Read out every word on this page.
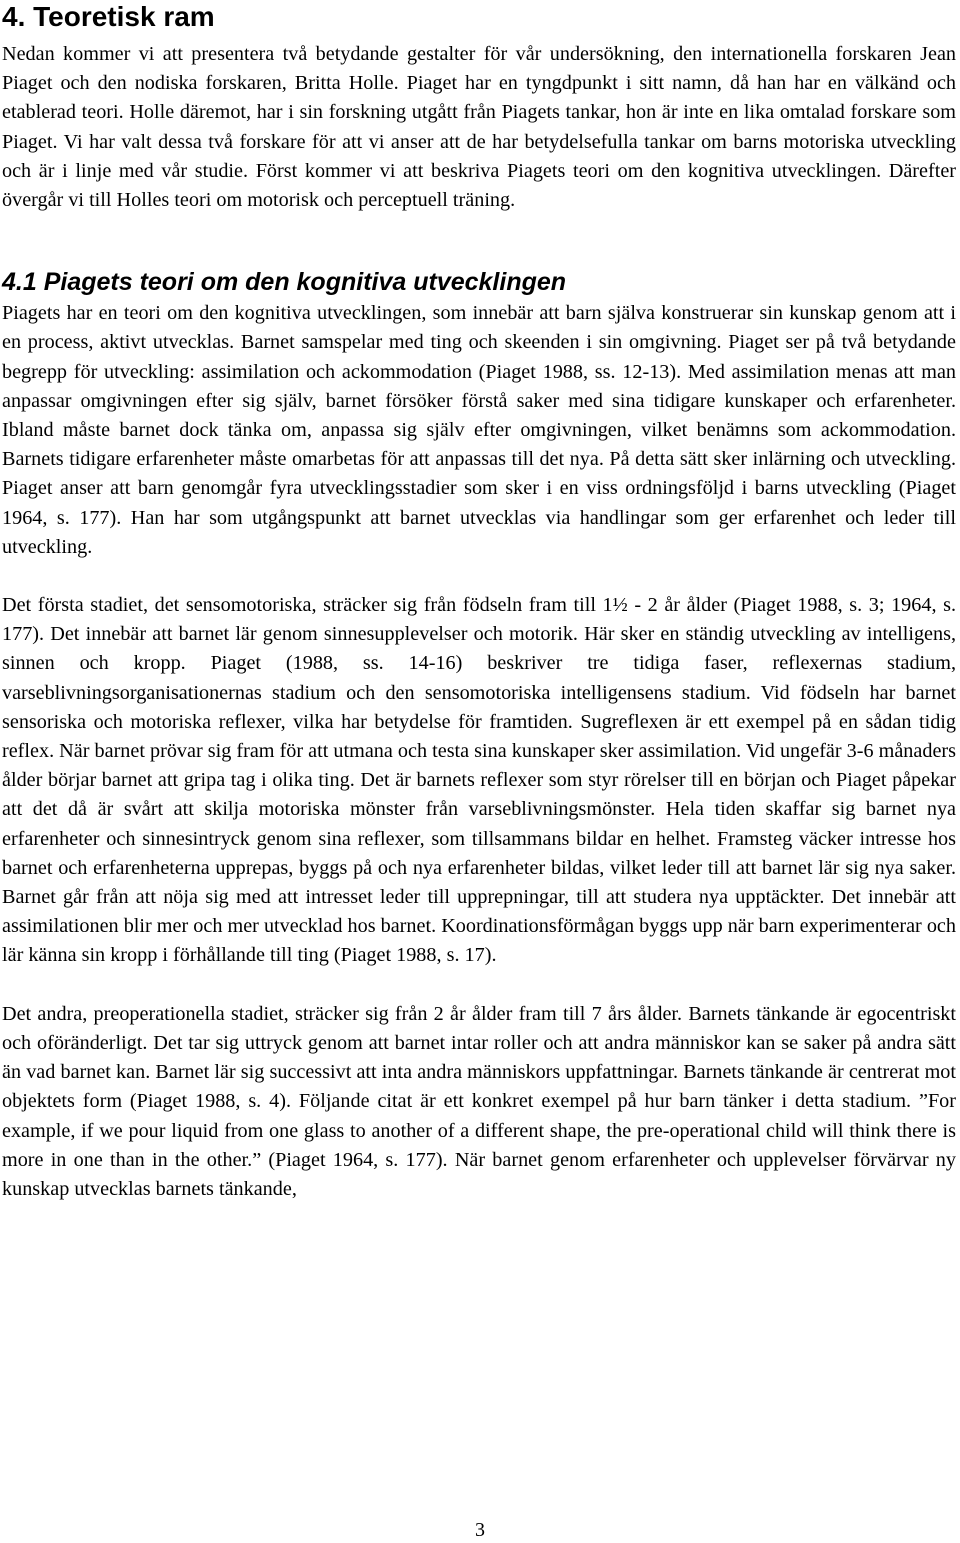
4. Teoretisk ram

Nedan kommer vi att presentera två betydande gestalter för vår undersökning, den internationella forskaren Jean Piaget och den nodiska forskaren, Britta Holle. Piaget har en tyngdpunkt i sitt namn, då han har en välkänd och etablerad teori. Holle däremot, har i sin forskning utgått från Piagets tankar, hon är inte en lika omtalad forskare som Piaget. Vi har valt dessa två forskare för att vi anser att de har betydelsefulla tankar om barns motoriska utveckling och är i linje med vår studie. Först kommer vi att beskriva Piagets teori om den kognitiva utvecklingen. Därefter övergår vi till Holles teori om motorisk och perceptuell träning.

4.1 Piagets teori om den kognitiva utvecklingen

Piagets har en teori om den kognitiva utvecklingen, som innebär att barn själva konstruerar sin kunskap genom att i en process, aktivt utvecklas. Barnet samspelar med ting och skeenden i sin omgivning. Piaget ser på två betydande begrepp för utveckling: assimilation och ackommodation (Piaget 1988, ss. 12-13). Med assimilation menas att man anpassar omgivningen efter sig själv, barnet försöker förstå saker med sina tidigare kunskaper och erfarenheter. Ibland måste barnet dock tänka om, anpassa sig själv efter omgivningen, vilket benämns som ackommodation. Barnets tidigare erfarenheter måste omarbetas för att anpassas till det nya. På detta sätt sker inlärning och utveckling. Piaget anser att barn genomgår fyra utvecklingsstadier som sker i en viss ordningsföljd i barns utveckling (Piaget 1964, s. 177). Han har som utgångspunkt att barnet utvecklas via handlingar som ger erfarenhet och leder till utveckling.

Det första stadiet, det sensomotoriska, sträcker sig från födseln fram till 1½ - 2 år ålder (Piaget 1988, s. 3; 1964, s. 177). Det innebär att barnet lär genom sinnesupplevelser och motorik. Här sker en ständig utveckling av intelligens, sinnen och kropp. Piaget (1988, ss. 14-16) beskriver tre tidiga faser, reflexernas stadium, varseblivningsorganisationernas stadium och den sensomotoriska intelligensens stadium. Vid födseln har barnet sensoriska och motoriska reflexer, vilka har betydelse för framtiden. Sugreflexen är ett exempel på en sådan tidig reflex. När barnet prövar sig fram för att utmana och testa sina kunskaper sker assimilation. Vid ungefär 3-6 månaders ålder börjar barnet att gripa tag i olika ting. Det är barnets reflexer som styr rörelser till en början och Piaget påpekar att det då är svårt att skilja motoriska mönster från varseblivningsmönster. Hela tiden skaffar sig barnet nya erfarenheter och sinnesintryck genom sina reflexer, som tillsammans bildar en helhet. Framsteg väcker intresse hos barnet och erfarenheterna upprepas, byggs på och nya erfarenheter bildas, vilket leder till att barnet lär sig nya saker. Barnet går från att nöja sig med att intresset leder till upprepningar, till att studera nya upptäckter. Det innebär att assimilationen blir mer och mer utvecklad hos barnet. Koordinationsförmågan byggs upp när barn experimenterar och lär känna sin kropp i förhållande till ting (Piaget 1988, s. 17).

Det andra, preoperationella stadiet, sträcker sig från 2 år ålder fram till 7 års ålder. Barnets tänkande är egocentriskt och oföränderligt. Det tar sig uttryck genom att barnet intar roller och att andra människor kan se saker på andra sätt än vad barnet kan. Barnet lär sig successivt att inta andra människors uppfattningar. Barnets tänkande är centrerat mot objektets form (Piaget 1988, s. 4). Följande citat är ett konkret exempel på hur barn tänker i detta stadium. ”For example, if we pour liquid from one glass to another of a different shape, the pre-operational child will think there is more in one than in the other.” (Piaget 1964, s. 177). När barnet genom erfarenheter och upplevelser förvärvar ny kunskap utvecklas barnets tänkande,

3
